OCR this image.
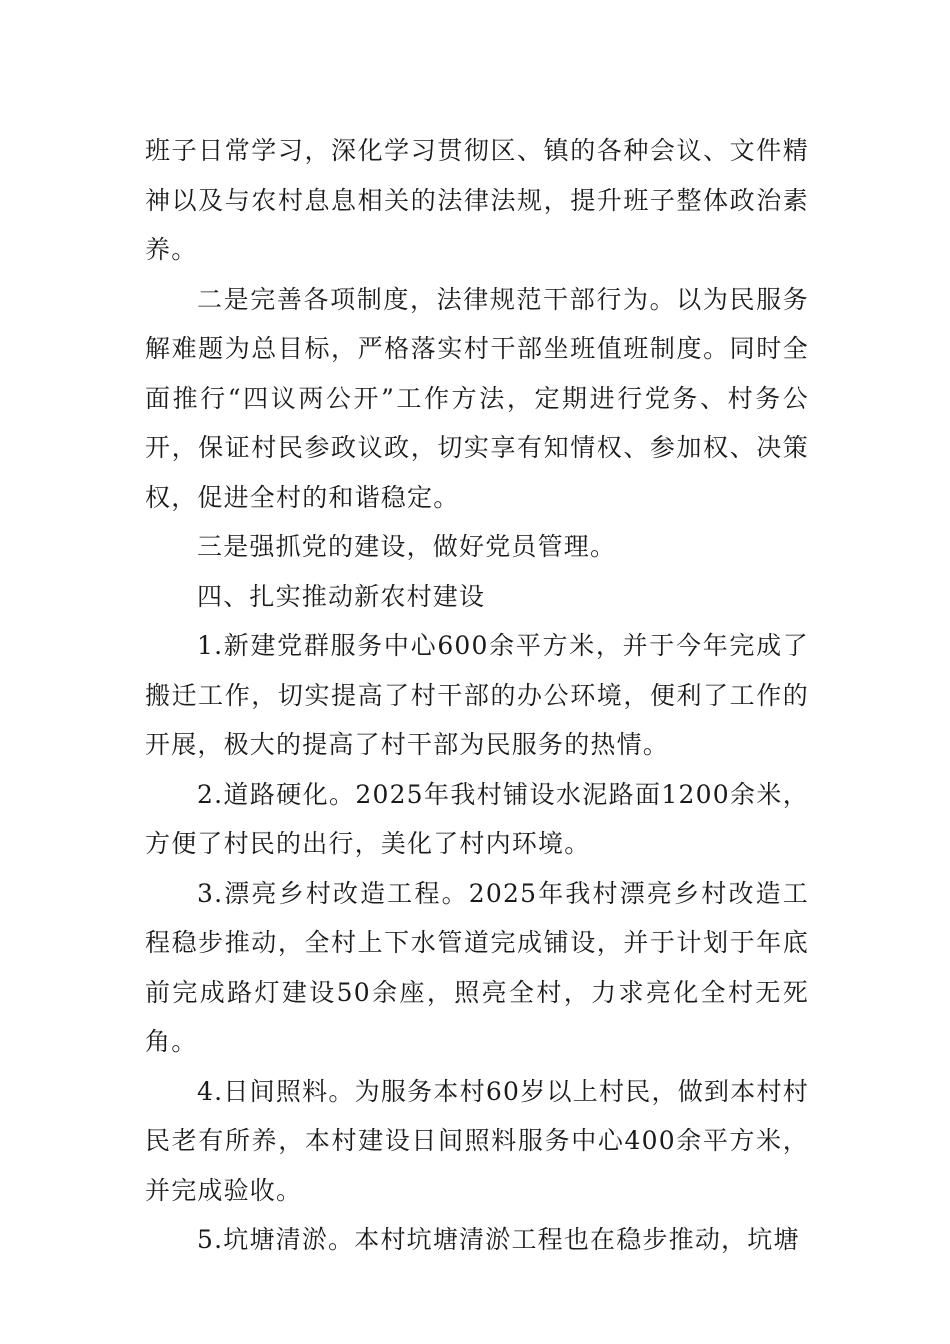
班子日常学习，深化学习贯彻区、镇的各种会议、文件精神以及与农村息息相关的法律法规，提升班子整体政治素养。

二是完善各项制度，法律规范干部行为。以为民服务解难题为总目标，严格落实村干部坐班值班制度。同时全面推行“四议两公开”工作方法，定期进行党务、村务公开，保证村民参政议政，切实享有知情权、参加权、决策权，促进全村的和谐稳定。

三是强抓党的建设，做好党员管理。

四、扎实推动新农村建设

1.新建党群服务中心600余平方米，并于今年完成了搬迁工作，切实提高了村干部的办公环境，便利了工作的开展，极大的提高了村干部为民服务的热情。

2.道路硬化。2025年我村铺设水泥路面1200余米，方便了村民的出行，美化了村内环境。

3.漂亮乡村改造工程。2025年我村漂亮乡村改造工程稳步推动，全村上下水管道完成铺设，并于计划于年底前完成路灯建设50余座，照亮全村，力求亮化全村无死角。

4.日间照料。为服务本村60岁以上村民，做到本村村民老有所养，本村建设日间照料服务中心400余平方米，并完成验收。

5.坑塘清淤。本村坑塘清淤工程也在稳步推动，坑塘
